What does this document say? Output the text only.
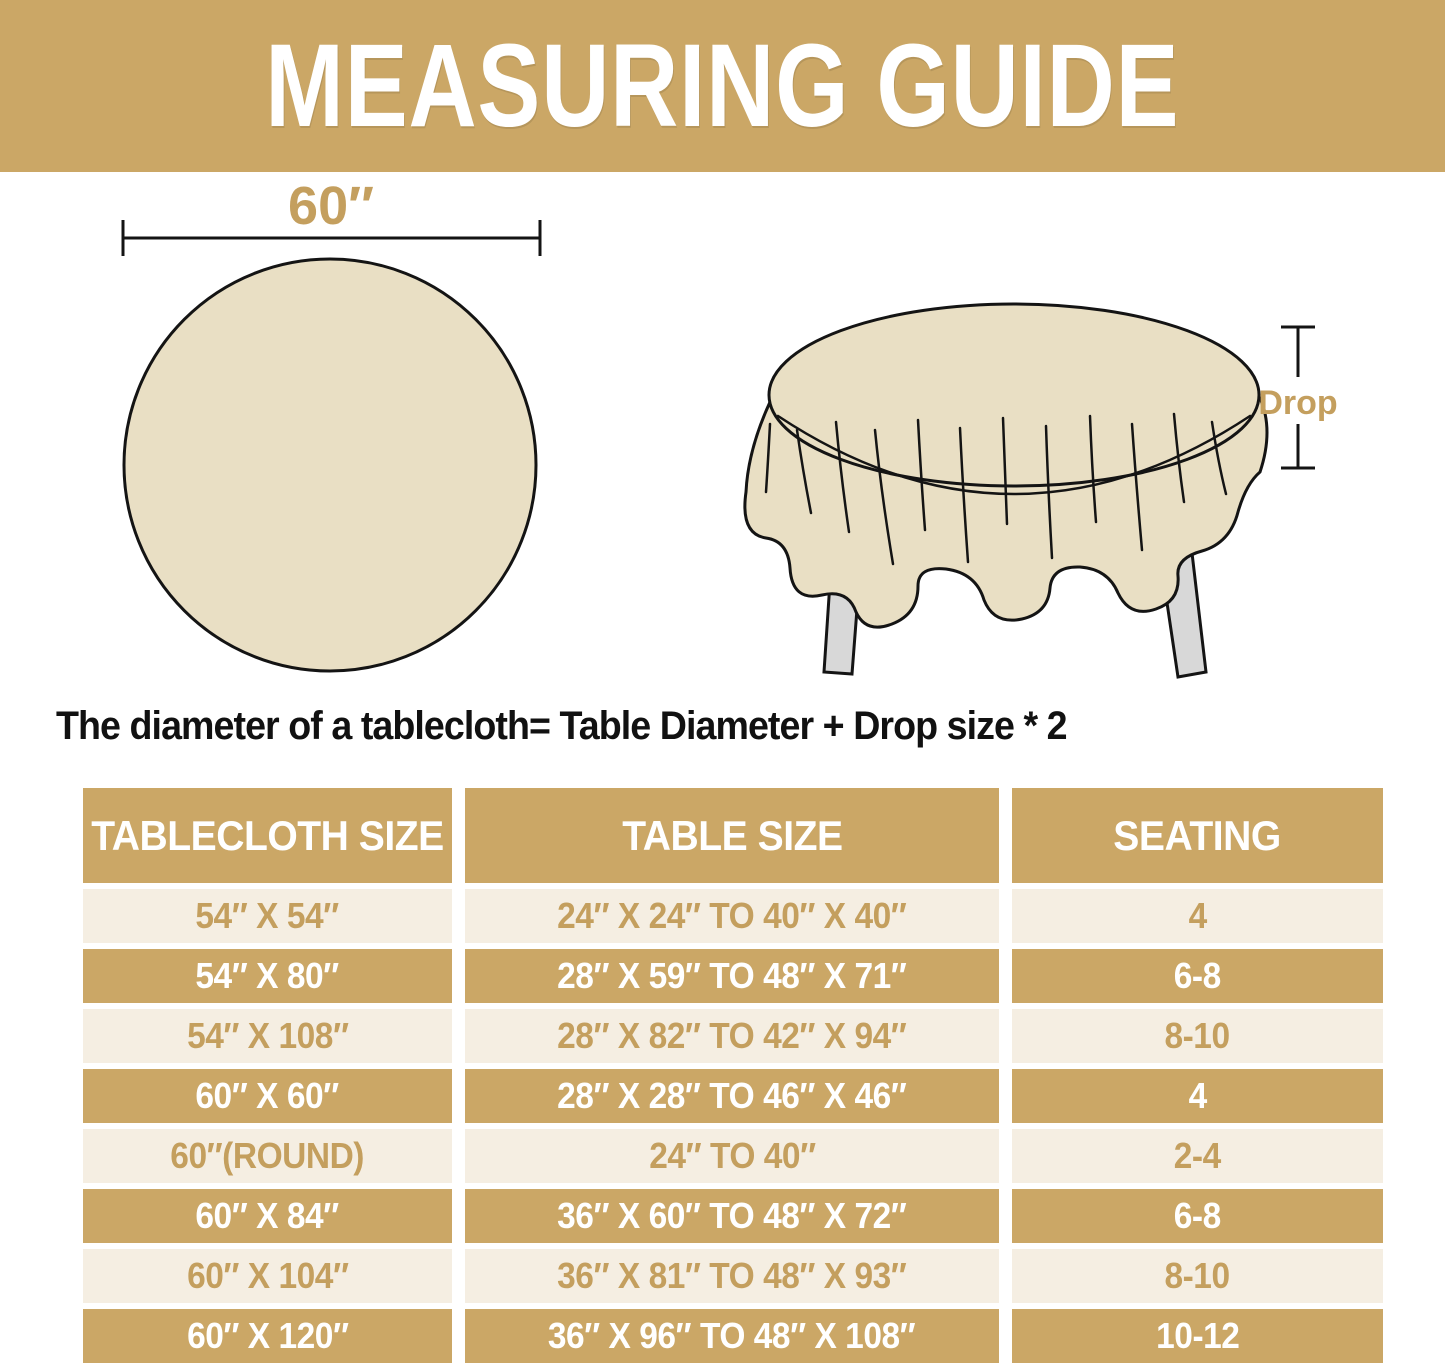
MEASURING GUIDE
60″
Drop
The diameter of a tablecloth= Table Diameter + Drop size * 2
TABLECLOTH SIZE	TABLE SIZE	SEATING
54″ X 54″	24″ X 24″ TO 40″ X 40″	4
54″ X 80″	28″ X 59″ TO 48″ X 71″	6-8
54″ X 108″	28″ X 82″ TO 42″ X 94″	8-10
60″ X 60″	28″ X 28″ TO 46″ X 46″	4
60″(ROUND)	24″ TO 40″	2-4
60″ X 84″	36″ X 60″ TO 48″ X 72″	6-8
60″ X 104″	36″ X 81″ TO 48″ X 93″	8-10
60″ X 120″	36″ X 96″ TO 48″ X 108″	10-12
